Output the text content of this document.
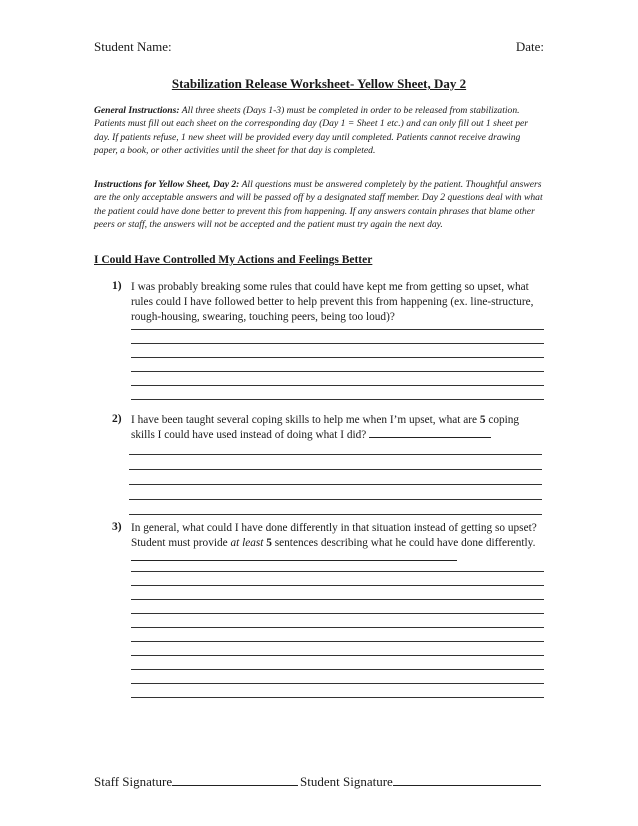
Student Name:	Date:
Stabilization Release Worksheet- Yellow Sheet, Day 2
General Instructions: All three sheets (Days 1-3) must be completed in order to be released from stabilization. Patients must fill out each sheet on the corresponding day (Day 1 = Sheet 1 etc.) and can only fill out 1 sheet per day. If patients refuse, 1 new sheet will be provided every day until completed. Patients cannot receive drawing paper, a book, or other activities until the sheet for that day is completed.
Instructions for Yellow Sheet, Day 2: All questions must be answered completely by the patient. Thoughtful answers are the only acceptable answers and will be passed off by a designated staff member. Day 2 questions deal with what the patient could have done better to prevent this from happening. If any answers contain phrases that blame other peers or staff, the answers will not be accepted and the patient must try again the next day.
I Could Have Controlled My Actions and Feelings Better
1) I was probably breaking some rules that could have kept me from getting so upset, what rules could I have followed better to help prevent this from happening (ex. line-structure, rough-housing, swearing, touching peers, being too loud)?
2) I have been taught several coping skills to help me when I’m upset, what are 5 coping skills I could have used instead of doing what I did?
3) In general, what could I have done differently in that situation instead of getting so upset? Student must provide at least 5 sentences describing what he could have done differently.
Staff Signature	Student Signature
